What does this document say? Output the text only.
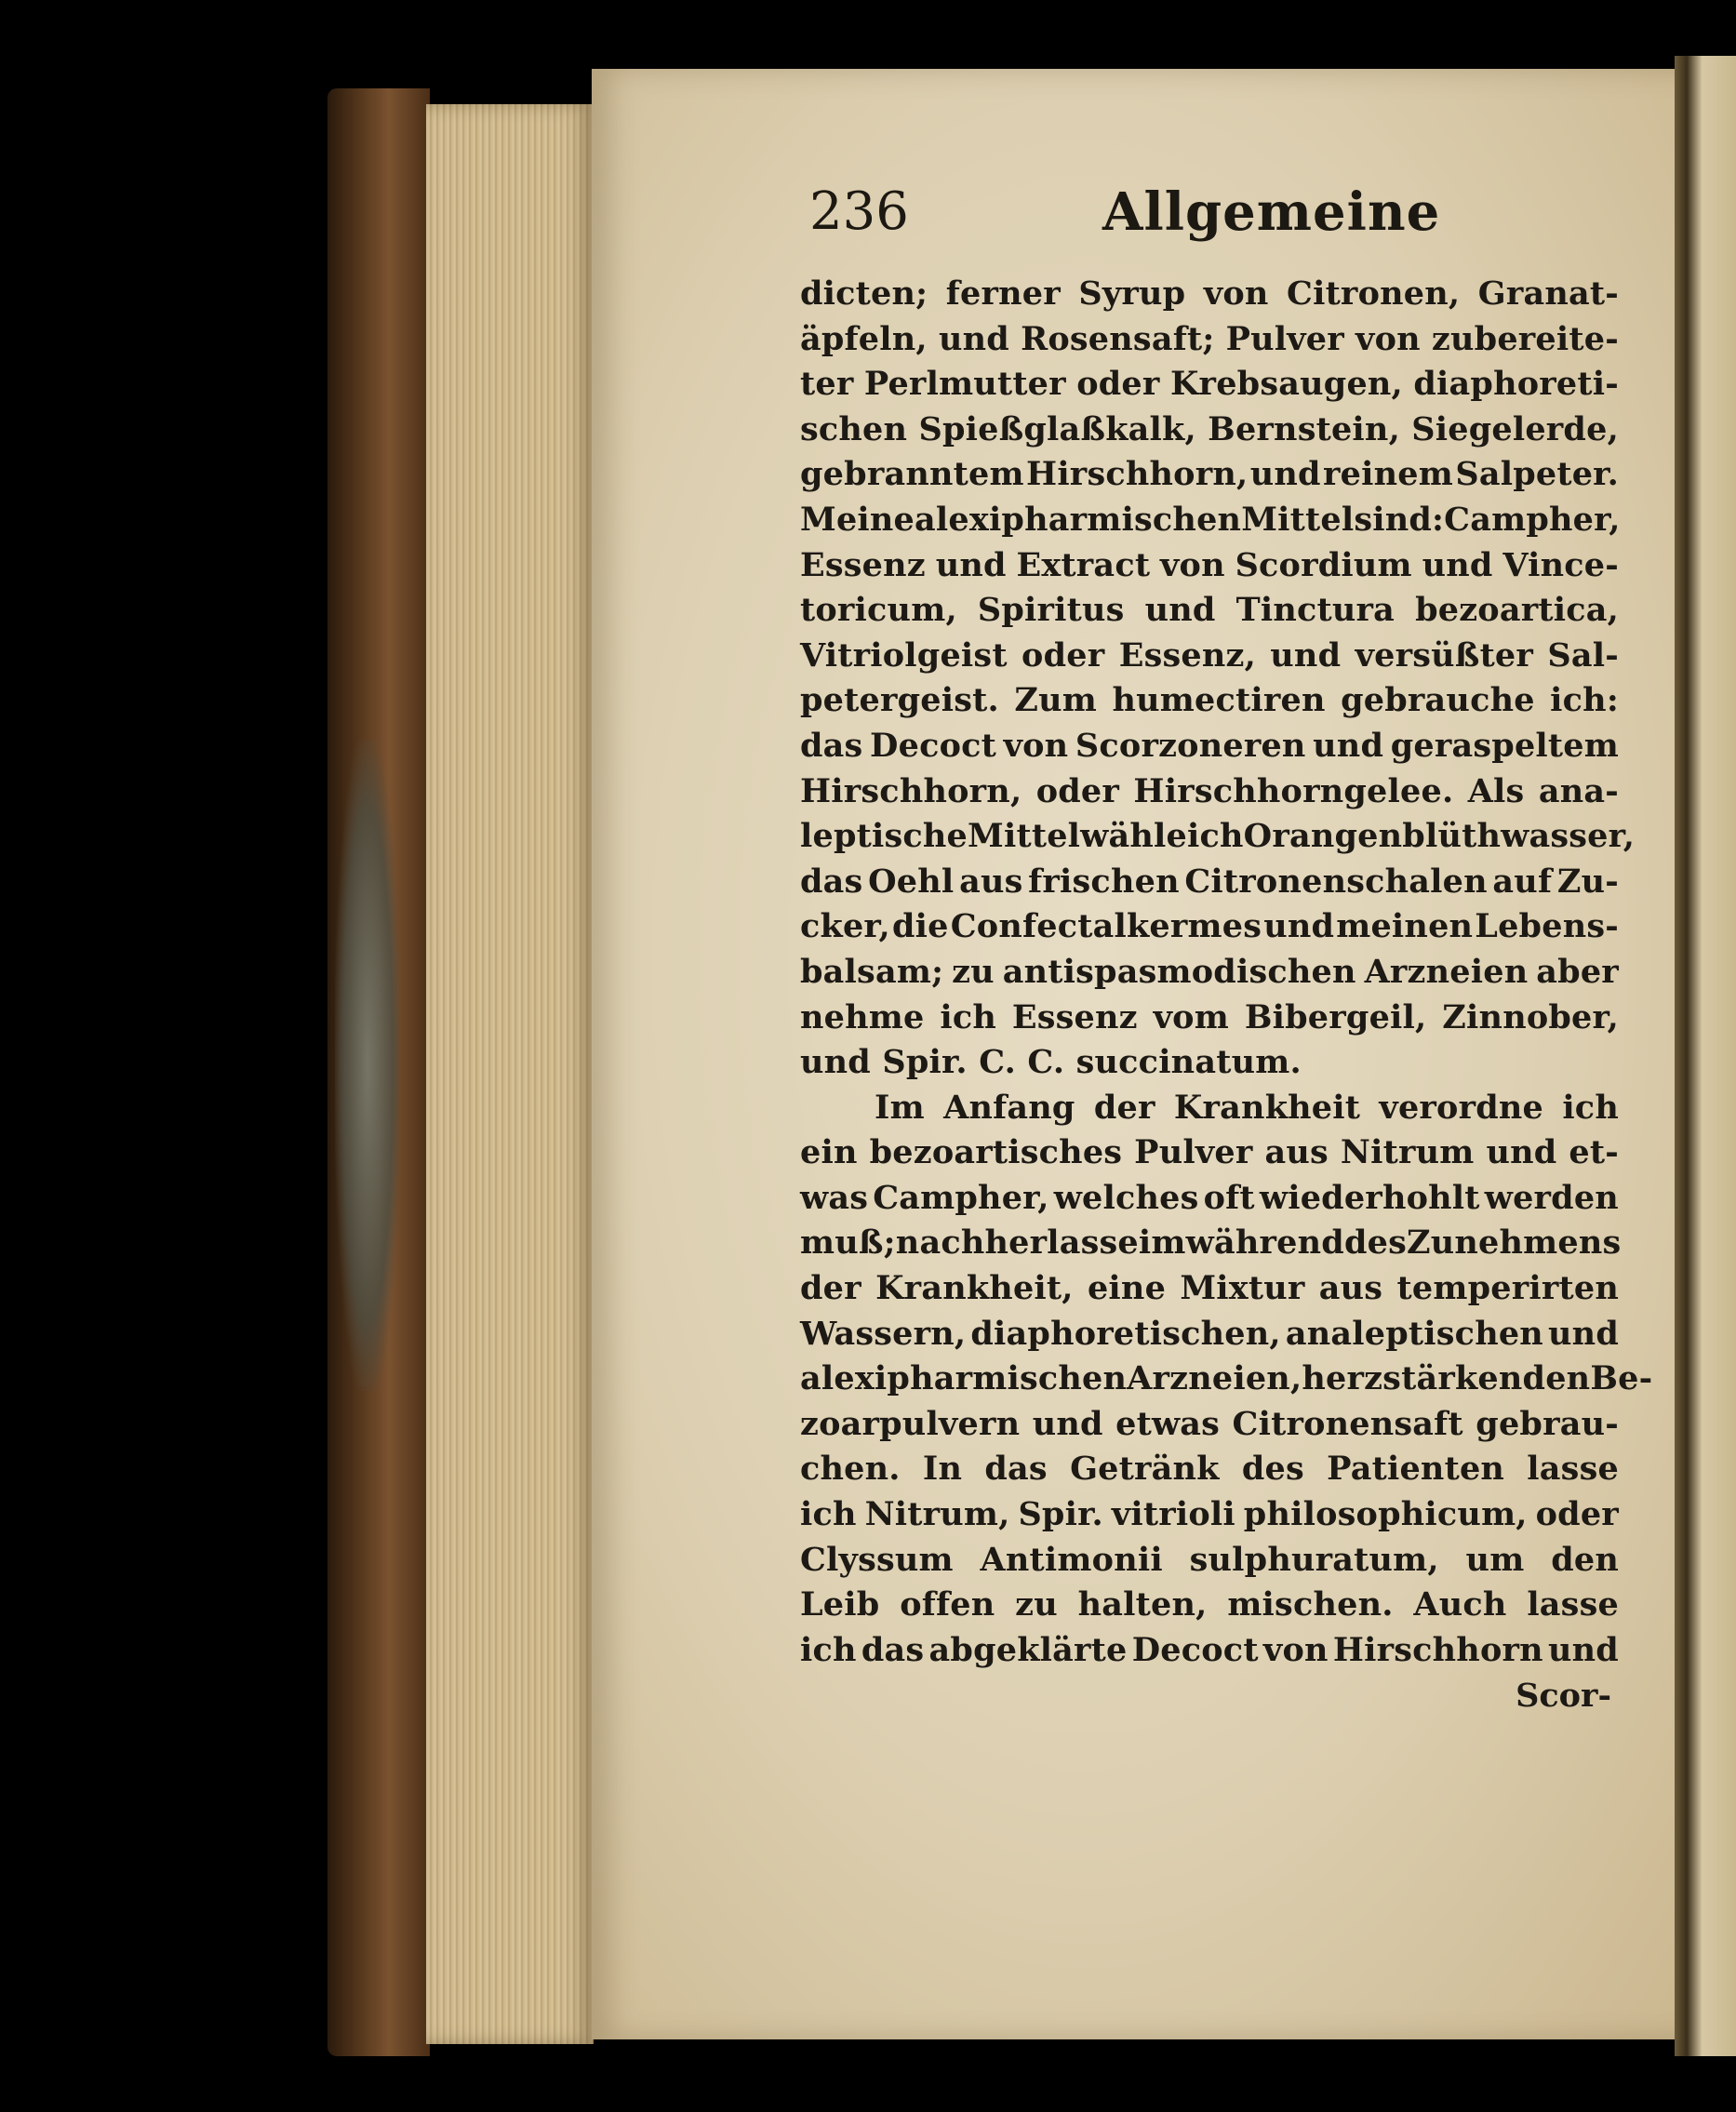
236	Allgemeine
dicten; ferner Syrup von Citronen, Granat-
äpfeln, und Rosensaft; Pulver von zubereite-
ter Perlmutter oder Krebsaugen, diaphoreti-
schen Spießglaßkalk, Bernstein, Siegelerde,
gebranntem Hirschhorn, und reinem Salpeter.
Meine alexipharmischen Mittel sind: Campher,
Essenz und Extract von Scordium und Vince-
toricum, Spiritus und Tinctura bezoartica,
Vitriolgeist oder Essenz, und versüßter Sal-
petergeist. Zum humectiren gebrauche ich:
das Decoct von Scorzoneren und geraspeltem
Hirschhorn, oder Hirschhorngelee. Als ana-
leptische Mittel wähle ich Orangenblüthwasser,
das Oehl aus frischen Citronenschalen auf Zu-
cker, die Confectalkermes und meinen Lebens-
balsam; zu antispasmodischen Arzneien aber
nehme ich Essenz vom Bibergeil, Zinnober,
und Spir. C. C. succinatum.
Im Anfang der Krankheit verordne ich
ein bezoartisches Pulver aus Nitrum und et-
was Campher, welches oft wiederhohlt werden
muß; nachher lasse im während des Zunehmens
der Krankheit, eine Mixtur aus temperirten
Wassern, diaphoretischen, analeptischen und
alexipharmischen Arzneien, herzstärkenden Be-
zoarpulvern und etwas Citronensaft gebrau-
chen. In das Getränk des Patienten lasse
ich Nitrum, Spir. vitrioli philosophicum, oder
Clyssum Antimonii sulphuratum, um den
Leib offen zu halten, mischen. Auch lasse
ich das abgeklärte Decoct von Hirschhorn und
Scor-
